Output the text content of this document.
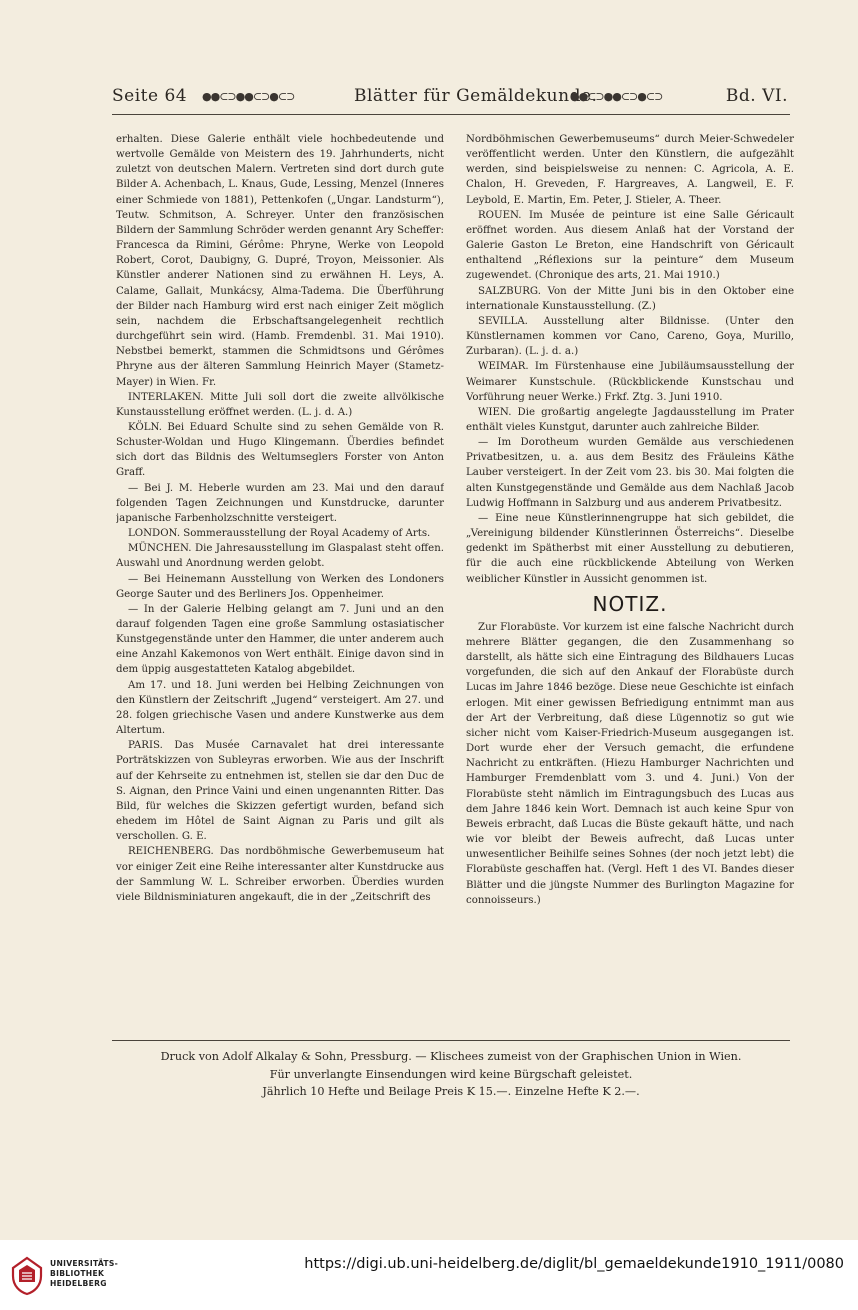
Seite 64 ●●⊂⊃●●⊂⊃●⊂⊃	Blätter für Gemäldekunde.
●●⊂⊃●●⊂⊃●⊂⊃	Bd. VI.

erhalten. Diese Galerie enthält viele hochbedeutende und wertvolle Gemälde von Meistern des 19. Jahrhunderts, nicht zuletzt von deutschen Malern. Vertreten sind dort durch gute Bilder A. Achenbach, L. Knaus, Gude, Lessing, Menzel (Inneres einer Schmiede von 1881), Pettenkofen („Ungar. Landsturm“), Teutw. Schmitson, A. Schreyer. Unter den französischen Bildern der Sammlung Schröder werden genannt Ary Scheffer: Francesca da Rimini, Gérôme: Phryne, Werke von Leopold Robert, Corot, Daubigny, G. Dupré, Troyon, Meissonier. Als Künstler anderer Nationen sind zu erwähnen H. Leys, A. Calame, Gallait, Munkácsy, Alma-Tadema. Die Überführung der Bilder nach Hamburg wird erst nach einiger Zeit möglich sein, nachdem die Erbschaftsangelegenheit rechtlich durchgeführt sein wird. (Hamb. Fremdenbl. 31. Mai 1910). Nebstbei bemerkt, stammen die Schmidtsons und Gérômes Phryne aus der älteren Sammlung Heinrich Mayer (Stametz-Mayer) in Wien. Fr.

INTERLAKEN. Mitte Juli soll dort die zweite allvölkische Kunstausstellung eröffnet werden. (L. j. d. A.)

KÖLN. Bei Eduard Schulte sind zu sehen Gemälde von R. Schuster-Woldan und Hugo Klingemann. Überdies befindet sich dort das Bildnis des Weltumseglers Forster von Anton Graff.

— Bei J. M. Heberle wurden am 23. Mai und den darauf folgenden Tagen Zeichnungen und Kunstdrucke, darunter japanische Farbenholzschnitte versteigert.

LONDON. Sommerausstellung der Royal Academy of Arts.

MÜNCHEN. Die Jahresausstellung im Glaspalast steht offen. Auswahl und Anordnung werden gelobt.

— Bei Heinemann Ausstellung von Werken des Londoners George Sauter und des Berliners Jos. Oppenheimer.

— In der Galerie Helbing gelangt am 7. Juni und an den darauf folgenden Tagen eine große Sammlung ostasiatischer Kunstgegenstände unter den Hammer, die unter anderem auch eine Anzahl Kakemonos von Wert enthält. Einige davon sind in dem üppig ausgestatteten Katalog abgebildet.

Am 17. und 18. Juni werden bei Helbing Zeichnungen von den Künstlern der Zeitschrift „Jugend“ versteigert. Am 27. und 28. folgen griechische Vasen und andere Kunstwerke aus dem Altertum.

PARIS. Das Musée Carnavalet hat drei interessante Porträtskizzen von Subleyras erworben. Wie aus der Inschrift auf der Kehrseite zu entnehmen ist, stellen sie dar den Duc de S. Aignan, den Prince Vaini und einen ungenannten Ritter. Das Bild, für welches die Skizzen gefertigt wurden, befand sich ehedem im Hôtel de Saint Aignan zu Paris und gilt als verschollen. G. E.

REICHENBERG. Das nordböhmische Gewerbemuseum hat vor einiger Zeit eine Reihe interessanter alter Kunstdrucke aus der Sammlung W. L. Schreiber erworben. Überdies wurden viele Bildnisminiaturen angekauft, die in der „Zeitschrift des

Nordböhmischen Gewerbemuseums“ durch Meier-Schwedeler veröffentlicht werden. Unter den Künstlern, die aufgezählt werden, sind beispielsweise zu nennen: C. Agricola, A. E. Chalon, H. Greveden, F. Hargreaves, A. Langweil, E. F. Leybold, E. Martin, Em. Peter, J. Stieler, A. Theer.

ROUEN. Im Musée de peinture ist eine Salle Géricault eröffnet worden. Aus diesem Anlaß hat der Vorstand der Galerie Gaston Le Breton, eine Handschrift von Géricault enthaltend „Réflexions sur la peinture“ dem Museum zugewendet. (Chronique des arts, 21. Mai 1910.)

SALZBURG. Von der Mitte Juni bis in den Oktober eine internationale Kunstausstellung. (Z.)

SEVILLA. Ausstellung alter Bildnisse. (Unter den Künstlernamen kommen vor Cano, Careno, Goya, Murillo, Zurbaran). (L. j. d. a.)

WEIMAR. Im Fürstenhause eine Jubiläumsausstellung der Weimarer Kunstschule. (Rückblickende Kunstschau und Vorführung neuer Werke.) Frkf. Ztg. 3. Juni 1910.

WIEN. Die großartig angelegte Jagdausstellung im Prater enthält vieles Kunstgut, darunter auch zahlreiche Bilder.

— Im Dorotheum wurden Gemälde aus verschiedenen Privatbesitzen, u. a. aus dem Besitz des Fräuleins Käthe Lauber versteigert. In der Zeit vom 23. bis 30. Mai folgten die alten Kunstgegenstände und Gemälde aus dem Nachlaß Jacob Ludwig Hoffmann in Salzburg und aus anderem Privatbesitz.

— Eine neue Künstlerinnengruppe hat sich gebildet, die „Vereinigung bildender Künstlerinnen Österreichs“. Dieselbe gedenkt im Spätherbst mit einer Ausstellung zu debutieren, für die auch eine rückblickende Abteilung von Werken weiblicher Künstler in Aussicht genommen ist.

NOTIZ.

Zur Florabüste. Vor kurzem ist eine falsche Nachricht durch mehrere Blätter gegangen, die den Zusammenhang so darstellt, als hätte sich eine Eintragung des Bildhauers Lucas vorgefunden, die sich auf den Ankauf der Florabüste durch Lucas im Jahre 1846 bezöge. Diese neue Geschichte ist einfach erlogen. Mit einer gewissen Befriedigung entnimmt man aus der Art der Verbreitung, daß diese Lügennotiz so gut wie sicher nicht vom Kaiser-Friedrich-Museum ausgegangen ist. Dort wurde eher der Versuch gemacht, die erfundene Nachricht zu entkräften. (Hiezu Hamburger Nachrichten und Hamburger Fremdenblatt vom 3. und 4. Juni.) Von der Florabüste steht nämlich im Eintragungsbuch des Lucas aus dem Jahre 1846 kein Wort. Demnach ist auch keine Spur von Beweis erbracht, daß Lucas die Büste gekauft hätte, und nach wie vor bleibt der Beweis aufrecht, daß Lucas unter unwesentlicher Beihilfe seines Sohnes (der noch jetzt lebt) die Florabüste geschaffen hat. (Vergl. Heft 1 des VI. Bandes dieser Blätter und die jüngste Nummer des Burlington Magazine for connoisseurs.)

Druck von Adolf Alkalay & Sohn, Pressburg. — Klischees zumeist von der Graphischen Union in Wien.
Für unverlangte Einsendungen wird keine Bürgschaft geleistet.
Jährlich 10 Hefte und Beilage Preis K 15.—. Einzelne Hefte K 2.—.
UNIVERSITÄTS-
BIBLIOTHEK
HEIDELBERG
https://digi.ub.uni-heidelberg.de/diglit/bl_gemaeldekunde1910_1911/0080
